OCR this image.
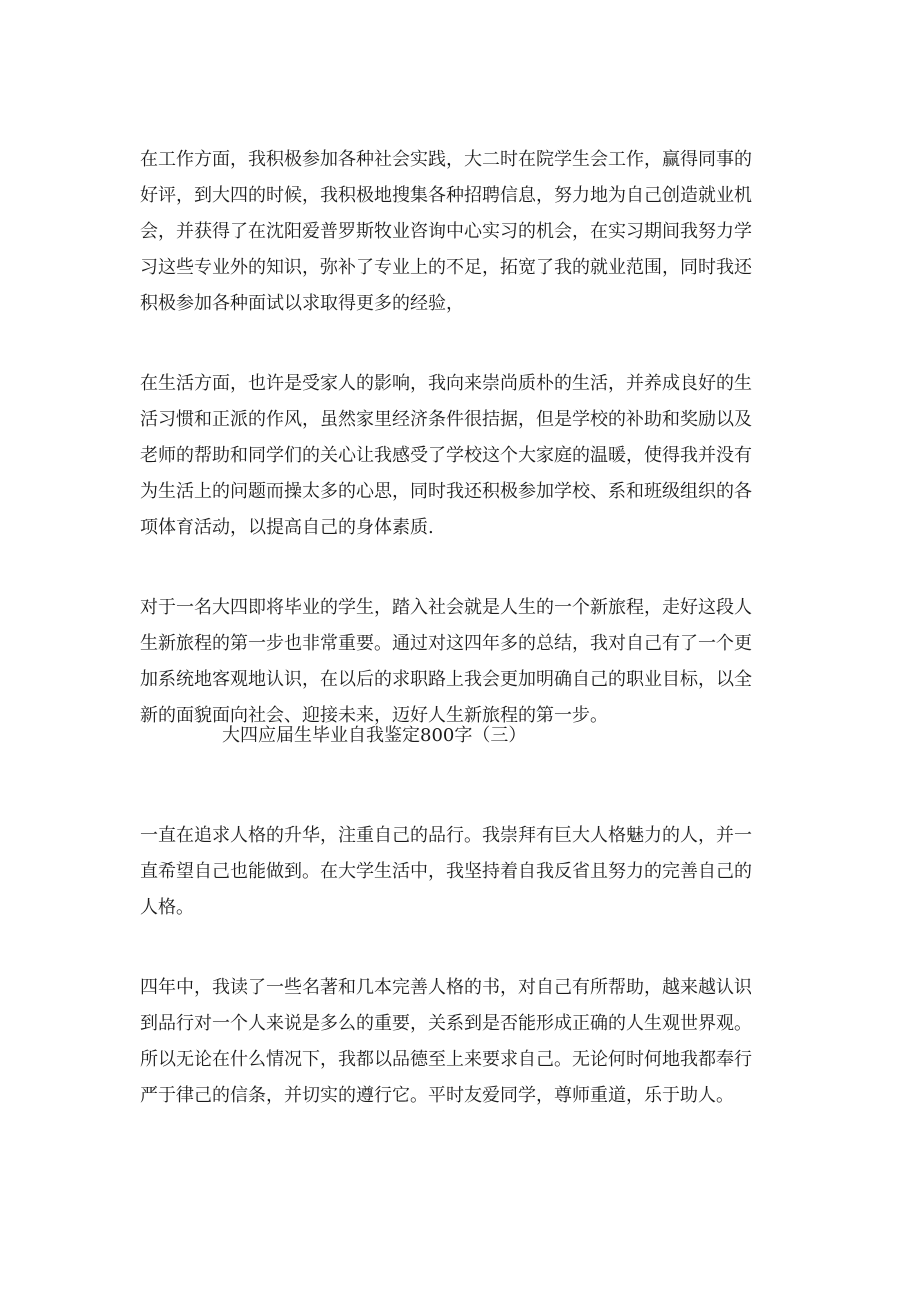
在工作方面，我积极参加各种社会实践，大二时在院学生会工作，赢得同事的
好评，到大四的时候，我积极地搜集各种招聘信息，努力地为自己创造就业机
会，并获得了在沈阳爱普罗斯牧业咨询中心实习的机会，在实习期间我努力学
习这些专业外的知识，弥补了专业上的不足，拓宽了我的就业范围，同时我还
积极参加各种面试以求取得更多的经验，

在生活方面，也许是受家人的影响，我向来崇尚质朴的生活，并养成良好的生
活习惯和正派的作风，虽然家里经济条件很拮据，但是学校的补助和奖励以及
老师的帮助和同学们的关心让我感受了学校这个大家庭的温暖，使得我并没有
为生活上的问题而操太多的心思，同时我还积极参加学校、系和班级组织的各
项体育活动，以提高自己的身体素质.

对于一名大四即将毕业的学生，踏入社会就是人生的一个新旅程，走好这段人
生新旅程的第一步也非常重要。通过对这四年多的总结，我对自己有了一个更
加系统地客观地认识，在以后的求职路上我会更加明确自己的职业目标，以全
新的面貌面向社会、迎接未来，迈好人生新旅程的第一步。

大四应届生毕业自我鉴定800字（三）

一直在追求人格的升华，注重自己的品行。我崇拜有巨大人格魅力的人，并一
直希望自己也能做到。在大学生活中，我坚持着自我反省且努力的完善自己的
人格。

四年中，我读了一些名著和几本完善人格的书，对自己有所帮助，越来越认识
到品行对一个人来说是多么的重要，关系到是否能形成正确的人生观世界观。
所以无论在什么情况下，我都以品德至上来要求自己。无论何时何地我都奉行
严于律己的信条，并切实的遵行它。平时友爱同学，尊师重道，乐于助人。
